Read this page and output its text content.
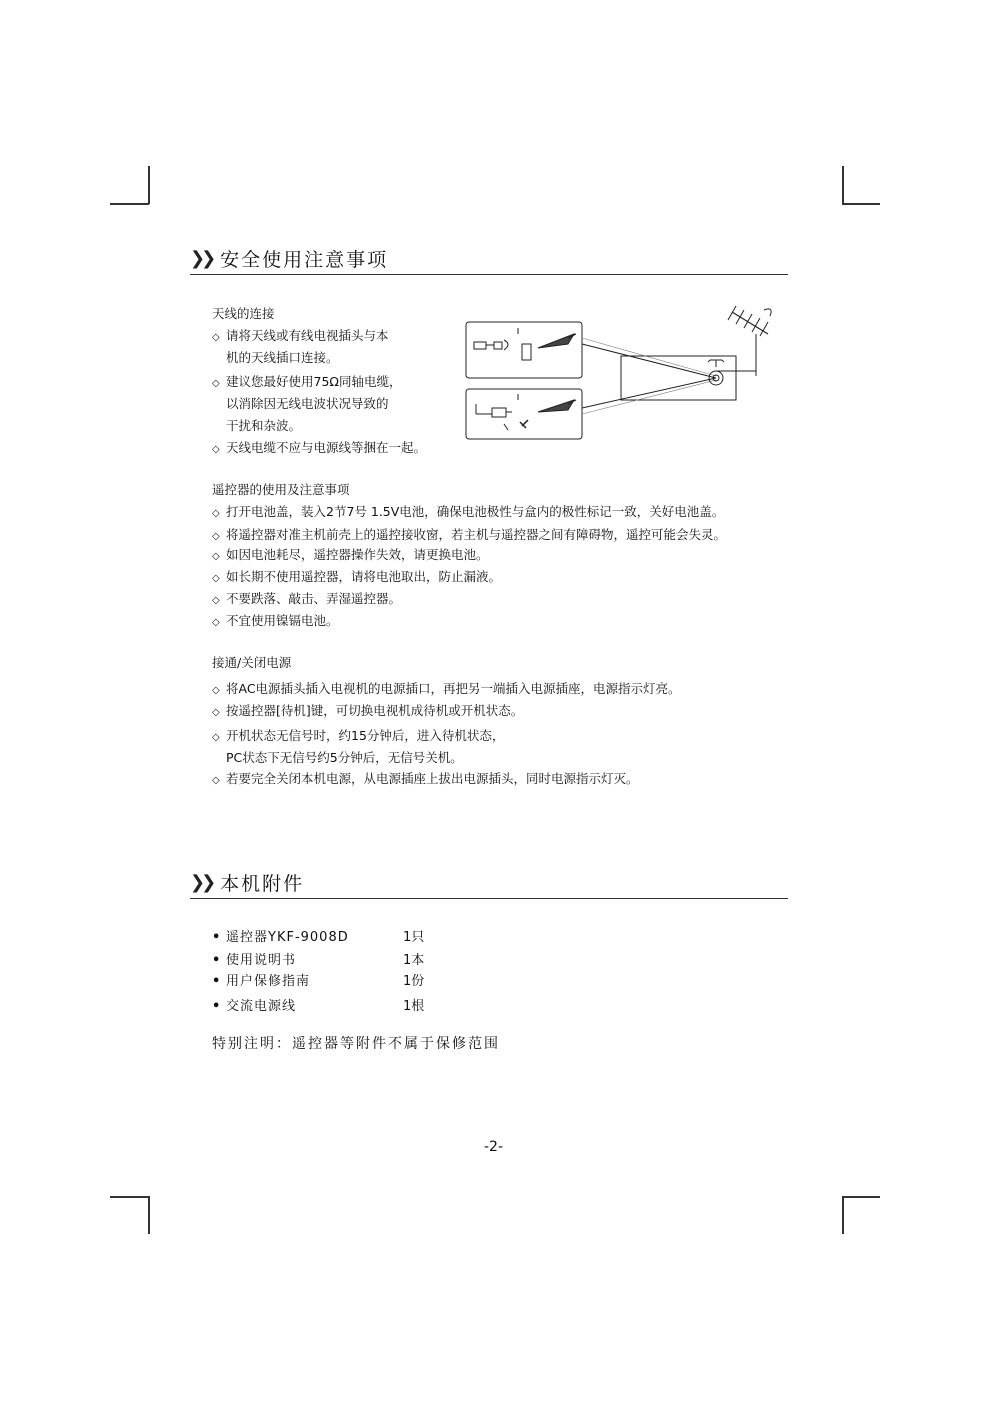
❯❯ 安全使用注意事项
天线的连接
◇ 请将天线或有线电视插头与本
机的天线插口连接。
◇ 建议您最好使用75Ω同轴电缆，
以消除因无线电波状况导致的
干扰和杂波。
◇ 天线电缆不应与电源线等捆在一起。
遥控器的使用及注意事项
◇ 打开电池盖，装入2节7号 1.5V电池，确保电池极性与盒内的极性标记一致，关好电池盖。
◇ 将遥控器对准主机前壳上的遥控接收窗，若主机与遥控器之间有障碍物，遥控可能会失灵。
◇ 如因电池耗尽，遥控器操作失效，请更换电池。
◇ 如长期不使用遥控器，请将电池取出，防止漏液。
◇ 不要跌落、敲击、弄湿遥控器。
◇ 不宜使用镍镉电池。
接通/关闭电源
◇ 将AC电源插头插入电视机的电源插口，再把另一端插入电源插座，电源指示灯亮。
◇ 按遥控器[待机]键，可切换电视机成待机或开机状态。
◇ 开机状态无信号时，约15分钟后，进入待机状态，
PC状态下无信号约5分钟后，无信号关机。
◇ 若要完全关闭本机电源，从电源插座上拔出电源插头，同时电源指示灯灭。
❯❯ 本机附件
• 遥控器YKF-9008D	1只
• 使用说明书	1本
• 用户保修指南	1份
• 交流电源线	1根
特别注明：遥控器等附件不属于保修范围
-2-
